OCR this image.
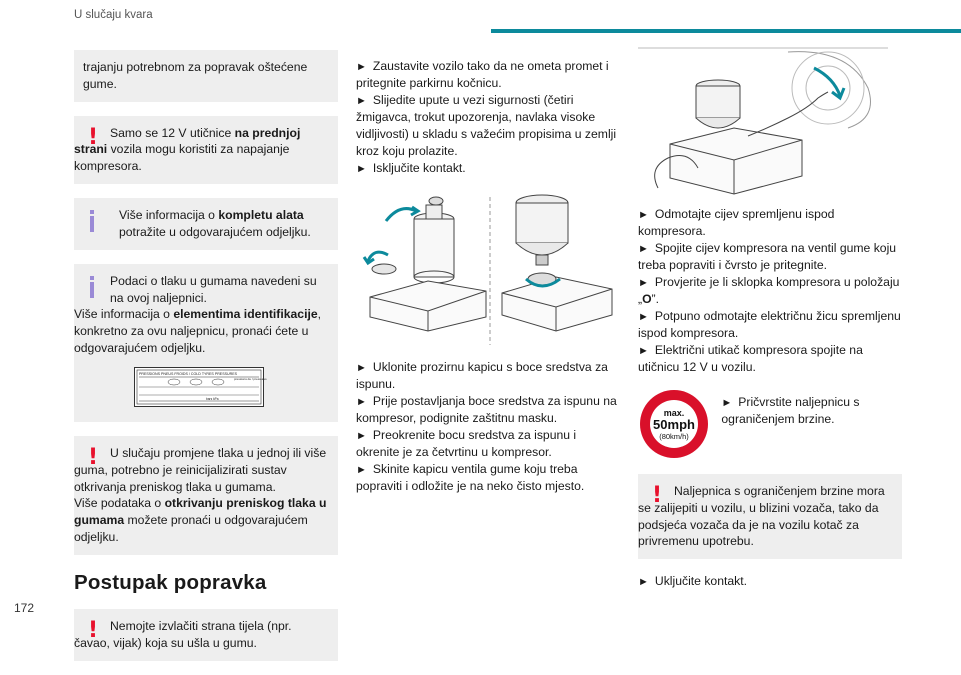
U slučaju kvara

trajanju potrebnom za popravak oštećene gume.

! Samo se 12 V utičnice na prednjoj strani vozila mogu koristiti za napajanje kompresora.

Više informacija o kompletu alata potražite u odgovarajućem odjeljku.

Podaci o tlaku u gumama navedeni su na ovoj naljepnici.

Više informacija o elementima identifikacije, konkretno za ovu naljepnicu, pronaći ćete u odgovarajućem odjeljku.

PRESSIONS PNEUS FROIDS / COLD TYRES PRESSURES
pressions de / pressures
bars kPa
! U slučaju promjene tlaka u jednoj ili više guma, potrebno je reinicijalizirati sustav otkrivanja preniskog tlaka u gumama.

Više podataka o otkrivanju preniskog tlaka u gumama možete pronaći u odgovarajućem odjeljku.

Postupak popravka
! Nemojte izvlačiti strana tijela (npr. čavao, vijak) koja su ušla u gumu.

► Zaustavite vozilo tako da ne ometa promet i pritegnite parkirnu kočnicu.

► Slijedite upute u vezi sigurnosti (četiri žmigavca, trokut upozorenja, navlaka visoke vidljivosti) u skladu s važećim propisima u zemlji kroz koju prolazite.

► Isključite kontakt.

► Uklonite prozirnu kapicu s boce sredstva za ispunu.

► Prije postavljanja boce sredstva za ispunu na kompresor, podignite zaštitnu masku.

► Preokrenite bocu sredstva za ispunu i okrenite je za četvrtinu u kompresor.

► Skinite kapicu ventila gume koju treba popraviti i odložite je na neko čisto mjesto.

► Odmotajte cijev spremljenu ispod kompresora.

► Spojite cijev kompresora na ventil gume koju treba popraviti i čvrsto je pritegnite.

► Provjerite je li sklopka kompresora u položaju „O”.

► Potpuno odmotajte električnu žicu spremljenu ispod kompresora.

► Električni utikač kompresora spojite na utičnicu 12 V u vozilu.

max.
50mph
(80km/h)

► Pričvrstite naljepnicu s ograničenjem brzine.

! Naljepnica s ograničenjem brzine mora se zalijepiti u vozilu, u blizini vozača, tako da podsjeća vozača da je na vozilu kotač za privremenu upotrebu.

► Uključite kontakt.

172
